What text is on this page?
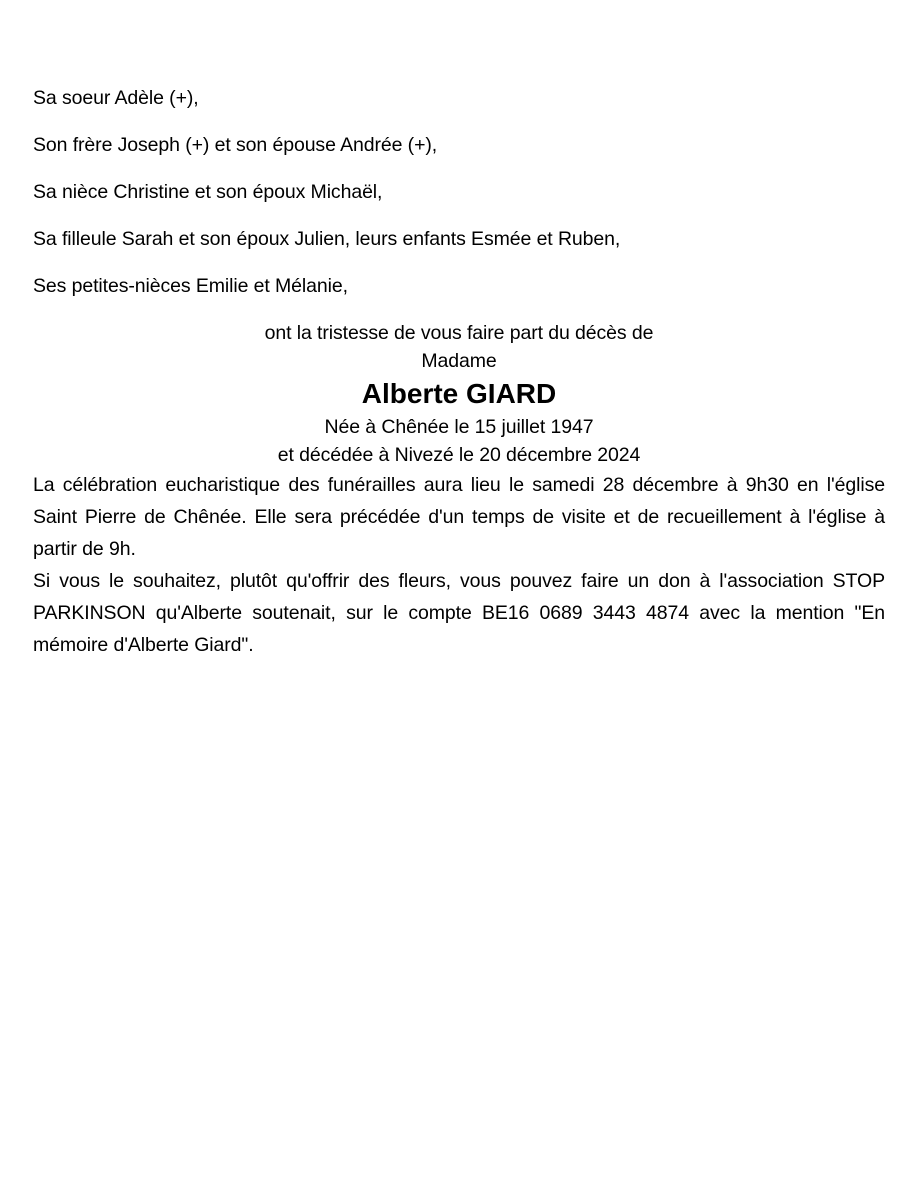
Sa soeur Adèle (+),

Son frère Joseph (+) et son épouse Andrée (+),

Sa nièce Christine et son époux Michaël,

Sa filleule Sarah et son époux Julien, leurs enfants Esmée et Ruben,

Ses petites-nièces Emilie et Mélanie,

ont la tristesse de vous faire part du décès de

Madame

Alberte GIARD

Née à Chênée le 15 juillet 1947

et décédée à Nivezé le 20 décembre 2024

La célébration eucharistique des funérailles aura lieu le samedi 28 décembre à 9h30 en l'église Saint Pierre de Chênée. Elle sera précédée d'un temps de visite et de recueillement à l'église à partir de 9h.

Si vous le souhaitez, plutôt qu'offrir des fleurs, vous pouvez faire un don à l'association STOP PARKINSON qu'Alberte soutenait, sur le compte BE16 0689 3443 4874 avec la mention "En mémoire d'Alberte Giard".
